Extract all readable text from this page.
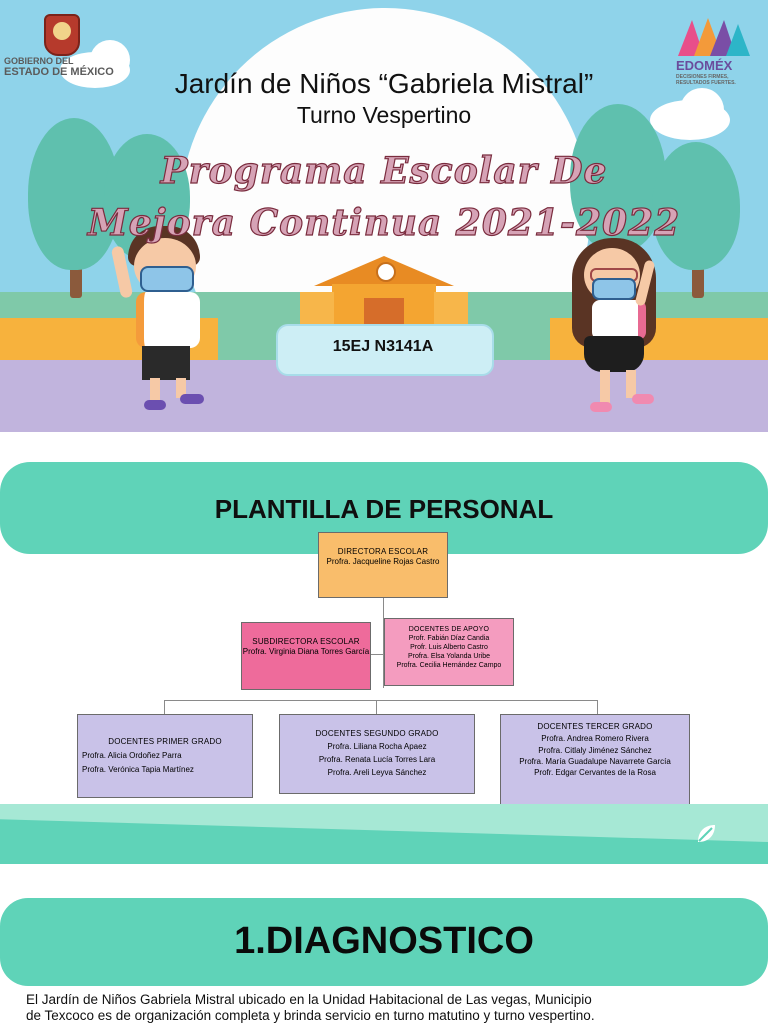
GOBIERNO DEL
ESTADO DE MÉXICO	EDOMÉX
DECISIONES FIRMES, RESULTADOS FUERTES.
Jardín de Niños “Gabriela Mistral”
Turno Vespertino
Programa Escolar De
Mejora Continua 2021-2022
15EJ N3141A
PLANTILLA DE PERSONAL
DIRECTORA ESCOLAR
Profra. Jacqueline Rojas Castro
SUBDIRECTORA ESCOLAR
Profra. Virginia Diana Torres García
DOCENTES DE APOYO
Profr. Fabián Díaz Candia
Profr. Luis Alberto Castro
Profra. Elsa Yolanda Uribe
Profra. Cecilia Hernández Campo
DOCENTES PRIMER GRADO
Profra. Alicia Ordoñez Parra
Profra. Verónica Tapia Martínez
DOCENTES SEGUNDO GRADO
Profra. Liliana Rocha Apaez
Profra. Renata Lucía Torres Lara
Profra. Areli Leyva Sánchez
DOCENTES TERCER GRADO
Profra. Andrea Romero Rivera
Profra. Citlaly Jiménez Sánchez
Profra. María Guadalupe Navarrete García
Profr. Edgar Cervantes de la Rosa
1.DIAGNOSTICO
El Jardín de Niños Gabriela Mistral ubicado en la Unidad Habitacional de Las vegas, Municipio
de Texcoco es de organización completa y brinda servicio en turno matutino y turno vespertino.
